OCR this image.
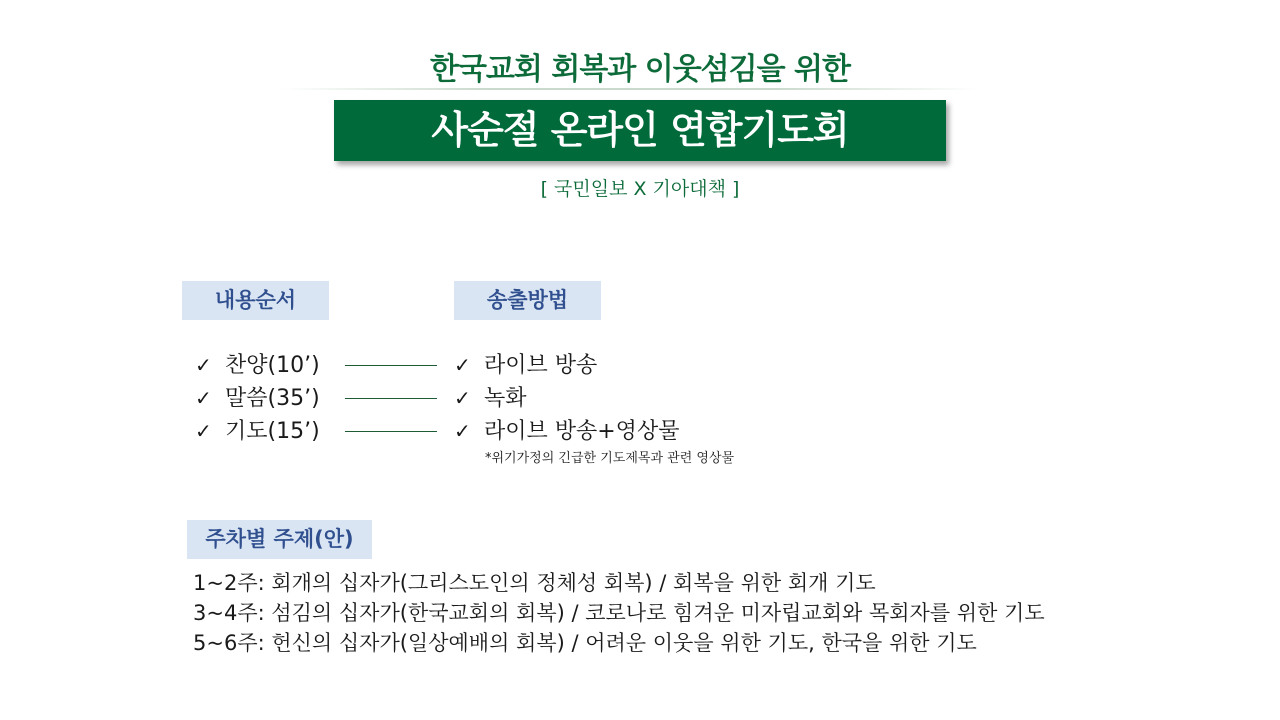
한국교회 회복과 이웃섬김을 위한
사순절 온라인 연합기도회
[ 국민일보 X 기아대책 ]
내용순서	송출방법
✓ 찬양(10’)
✓ 말씀(35’)
✓ 기도(15’)
✓ 라이브 방송
✓ 녹화
✓ 라이브 방송+영상물
*위기가정의 긴급한 기도제목과 관련 영상물
주차별 주제(안)
1~2주: 회개의 십자가(그리스도인의 정체성 회복) / 회복을 위한 회개 기도
3~4주: 섬김의 십자가(한국교회의 회복) / 코로나로 힘겨운 미자립교회와 목회자를 위한 기도
5~6주: 헌신의 십자가(일상예배의 회복) / 어려운 이웃을 위한 기도, 한국을 위한 기도
